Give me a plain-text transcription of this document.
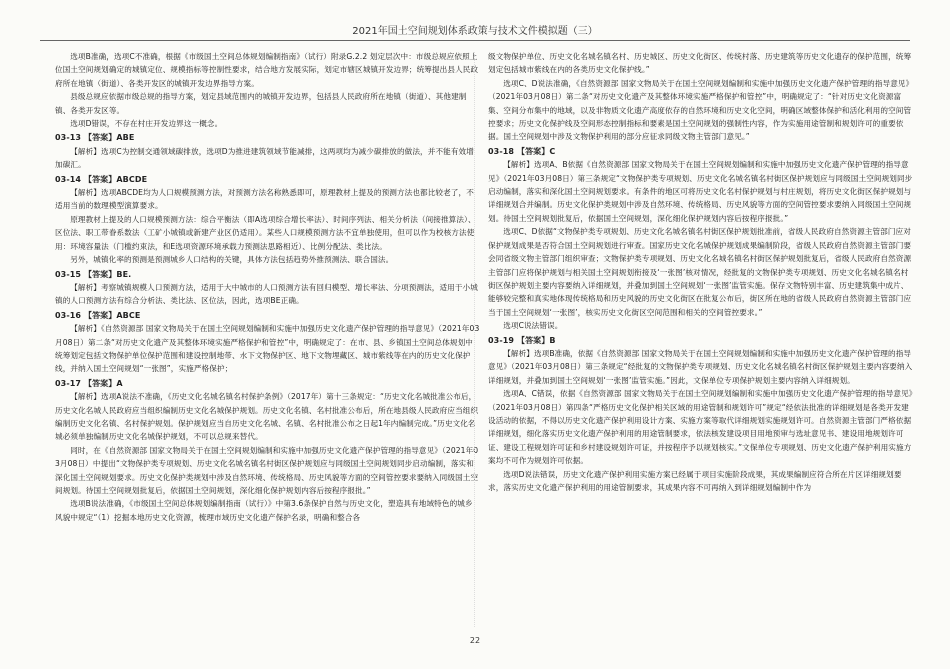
2021年国土空间规划体系政策与技术文件模拟题（三）

选项B准确，选项C不准确，根据《市级国土空间总体规划编制指南》（试行）附录G.2.2 划定层次中：市级总规应依照上位国土空间规划确定的城镇定位、规模指标等控制性要求，结合地方发展实际，划定市辖区城镇开发边界；统筹提出县人民政府所在地镇（街道）、各类开发区的城镇开发边界指导方案。

县级总规应依据市级总规的指导方案，划定县域范围内的城镇开发边界，包括县人民政府所在地镇（街道）、其他建制镇、各类开发区等。

选项D错误，不存在村庄开发边界这一概念。

03-13 【答案】ABE

【解析】选项C为控制交通领域碳排放，选项D为推进建筑领域节能减排，这两项均为减少碳排放的做法，并不能有效增加碳汇。

03-14 【答案】ABCDE

【解析】选项ABCDE均为人口规模预测方法，对预测方法名称熟悉即可，原理教材上提及的预测方法也都比较老了，不适用当前的数理模型演算要求。

原理教材上提及的人口规模预测方法：综合平衡法（即A选项综合增长率法）、时间序列法、相关分析法（间接推算法）、区位法、职工带眷系数法（工矿小城镇或新建产业区仍适用）。某些人口规模预测方法不宜单独使用，但可以作为校核方法使用：环境容量法（门槛约束法，和E选项资源环境承载力预测法思路相近）、比例分配法、类比法。

另外，城镇化率的预测是预测城乡人口结构的关键，具体方法包括趋势外推预测法、联合国法。

03-15 【答案】BE.

【解析】考察城镇规模人口预测方法，适用于大中城市的人口预测方法有回归模型、增长率法、分项预测法，适用于小城镇的人口预测方法有综合分析法、类比法、区位法，因此，选项BE正确。

03-16 【答案】ABCE

【解析】《自然资源部 国家文物局关于在国土空间规划编制和实施中加强历史文化遗产保护管理的指导意见》（2021年03月08日）第二条“对历史文化遗产及其整体环境实施严格保护和管控”中，明确规定了：在市、县、乡镇国土空间总体规划中统筹划定包括文物保护单位保护范围和建设控制地带、水下文物保护区、地下文物埋藏区、城市紫线等在内的历史文化保护线，并纳入国土空间规划“一张图”，实施严格保护；

03-17 【答案】A

【解析】选项A说法不准确，《历史文化名城名镇名村保护条例》（2017年）第十三条规定：“历史文化名城批准公布后，历史文化名城人民政府应当组织编制历史文化名城保护规划。历史文化名镇、名村批准公布后，所在地县级人民政府应当组织编制历史文化名镇、名村保护规划。保护规划应当自历史文化名城、名镇、名村批准公布之日起1年内编制完成。”历史文化名城必须单独编制历史文化名城保护规划，不可以总规来替代。

同时，在《自然资源部 国家文物局关于在国土空间规划编制和实施中加强历史文化遗产保护管理的指导意见》（2021年03月08日）中提出“文物保护类专项规划、历史文化名城名镇名村街区保护规划应与同级国土空间规划同步启动编制，落实和深化国土空间规划要求。历史文化保护类规划中涉及自然环境、传统格局、历史风貌等方面的空间管控要求要纳入同级国土空间规划。待国土空间规划批复后，依据国土空间规划，深化细化保护规划内容后按程序报批。”

选项B说法准确，《市级国土空间总体规划编制指南（试行）》中第3.6条保护自然与历史文化，塑造具有地域特色的城乡风貌中规定“（1）挖掘本地历史文化资源，梳理市域历史文化遗产保护名录，明确和整合各

级文物保护单位、历史文化名城名镇名村、历史城区、历史文化街区、传统村落、历史建筑等历史文化遗存的保护范围，统筹划定包括城市紫线在内的各类历史文化保护线。”

选项C、D说法准确，《自然资源部 国家文物局关于在国土空间规划编制和实施中加强历史文化遗产保护管理的指导意见》（2021年03月08日）第二条“对历史文化遗产及其整体环境实施严格保护和管控”中，明确规定了：“针对历史文化资源富集、空间分布集中的地域，以及非物质文化遗产高度依存的自然环境和历史文化空间，明确区域整体保护和活化利用的空间管控要求；历史文化保护线及空间形态控制指标和要素是国土空间规划的强制性内容，作为实施用途管制和规划许可的重要依据。国土空间规划中涉及文物保护利用的部分应征求同级文物主管部门意见。”

03-18 【答案】C

【解析】选项A、B依据《自然资源部 国家文物局关于在国土空间规划编制和实施中加强历史文化遗产保护管理的指导意见》（2021年03月08日）第三条规定“文物保护类专项规划、历史文化名城名镇名村街区保护规划应与同级国土空间规划同步启动编制，落实和深化国土空间规划要求。有条件的地区可将历史文化名村保护规划与村庄规划，将历史文化街区保护规划与详细规划合并编制。历史文化保护类规划中涉及自然环境、传统格局、历史风貌等方面的空间管控要求要纳入同级国土空间规划。待国土空间规划批复后，依据国土空间规划，深化细化保护规划内容后按程序报批。”

选项C、D依据“文物保护类专项规划、历史文化名城名镇名村街区保护规划批准前，省级人民政府自然资源主管部门应对保护规划成果是否符合国土空间规划进行审查。国家历史文化名城保护规划成果编制阶段，省级人民政府自然资源主管部门要会同省级文物主管部门组织审查；文物保护类专项规划、历史文化名城名镇名村街区保护规划批复后，省级人民政府自然资源主管部门应将保护规划与相关国土空间规划衔接及‘一张图’核对情况，经批复的文物保护类专项规划、历史文化名城名镇名村街区保护规划主要内容要纳入详细规划，并叠加到国土空间规划‘一张图’监管实施。保存文物特别丰富、历史建筑集中成片、能够较完整和真实地体现传统格局和历史风貌的历史文化街区在批复公布后，街区所在地的省级人民政府自然资源主管部门应当于国土空间规划‘一张图’，核实历史文化街区空间范围和相关的空间管控要求。”

选项C说法错误。

03-19 【答案】B

【解析】选项B准确，依据《自然资源部 国家文物局关于在国土空间规划编制和实施中加强历史文化遗产保护管理的指导意见》（2021年03月08日）第三条规定“经批复的文物保护类专项规划、历史文化名城名镇名村街区保护规划主要内容要纳入详细规划，并叠加到国土空间规划‘一张图’监管实施。”因此，文保单位专项保护规划主要内容纳入详细规划。

选项A、C错误，依据《自然资源部 国家文物局关于在国土空间规划编制和实施中加强历史文化遗产保护管理的指导意见》（2021年03月08日）第四条“严格历史文化保护相关区域的用途管制和规划许可”规定“经依法批准的详细规划是各类开发建设活动的依据，不得以历史文化遗产保护利用设计方案、实施方案等取代详细规划实施规划许可。自然资源主管部门严格依据详细规划，细化落实历史文化遗产保护利用的用途管制要求，依法核发建设项目用地预审与选址意见书、建设用地规划许可证、建设工程规划许可证和乡村建设规划许可证，并按程序予以规划核实。”文保单位专项规划、历史文化遗产保护利用实施方案均不可作为规划许可依据。

选项D说法错误，历史文化遗产保护利用实施方案已经属于项目实施阶段成果，其成果编制应符合所在片区详细规划要求，落实历史文化遗产保护利用的用途管制要求，其成果内容不可再纳入到详细规划编制中作为

22
